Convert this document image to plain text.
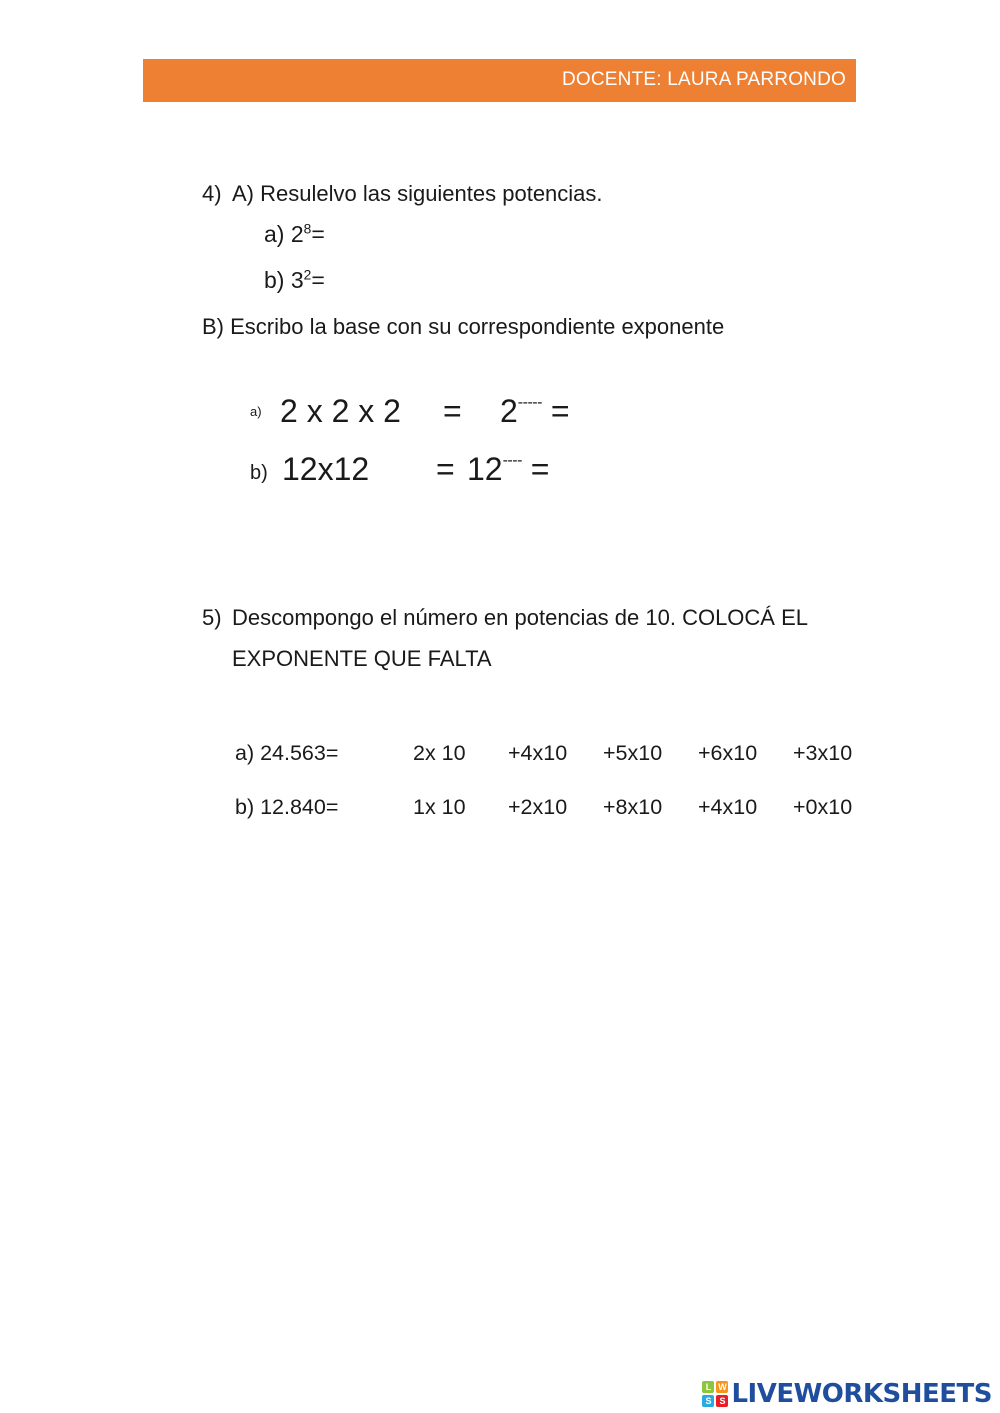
DOCENTE: LAURA PARRONDO
4) A) Resulelvo las siguientes potencias.
a) $2^8=$
b) $3^2=$
B) Escribo la base con su correspondiente exponente
a) 2 x 2 x 2 = 2----- =
b) 12x12 = 12---- =
5) Descompongo el número en potencias de 10. COLOCÁ EL
EXPONENTE QUE FALTA
a) 24.563=	2x 10 +4x10 +5x10 +6x10 +3x10
b) 12.840=	1x 10 +2x10 +8x10 +4x10 +0x10
L W
S S LIVEWORKSHEETS
